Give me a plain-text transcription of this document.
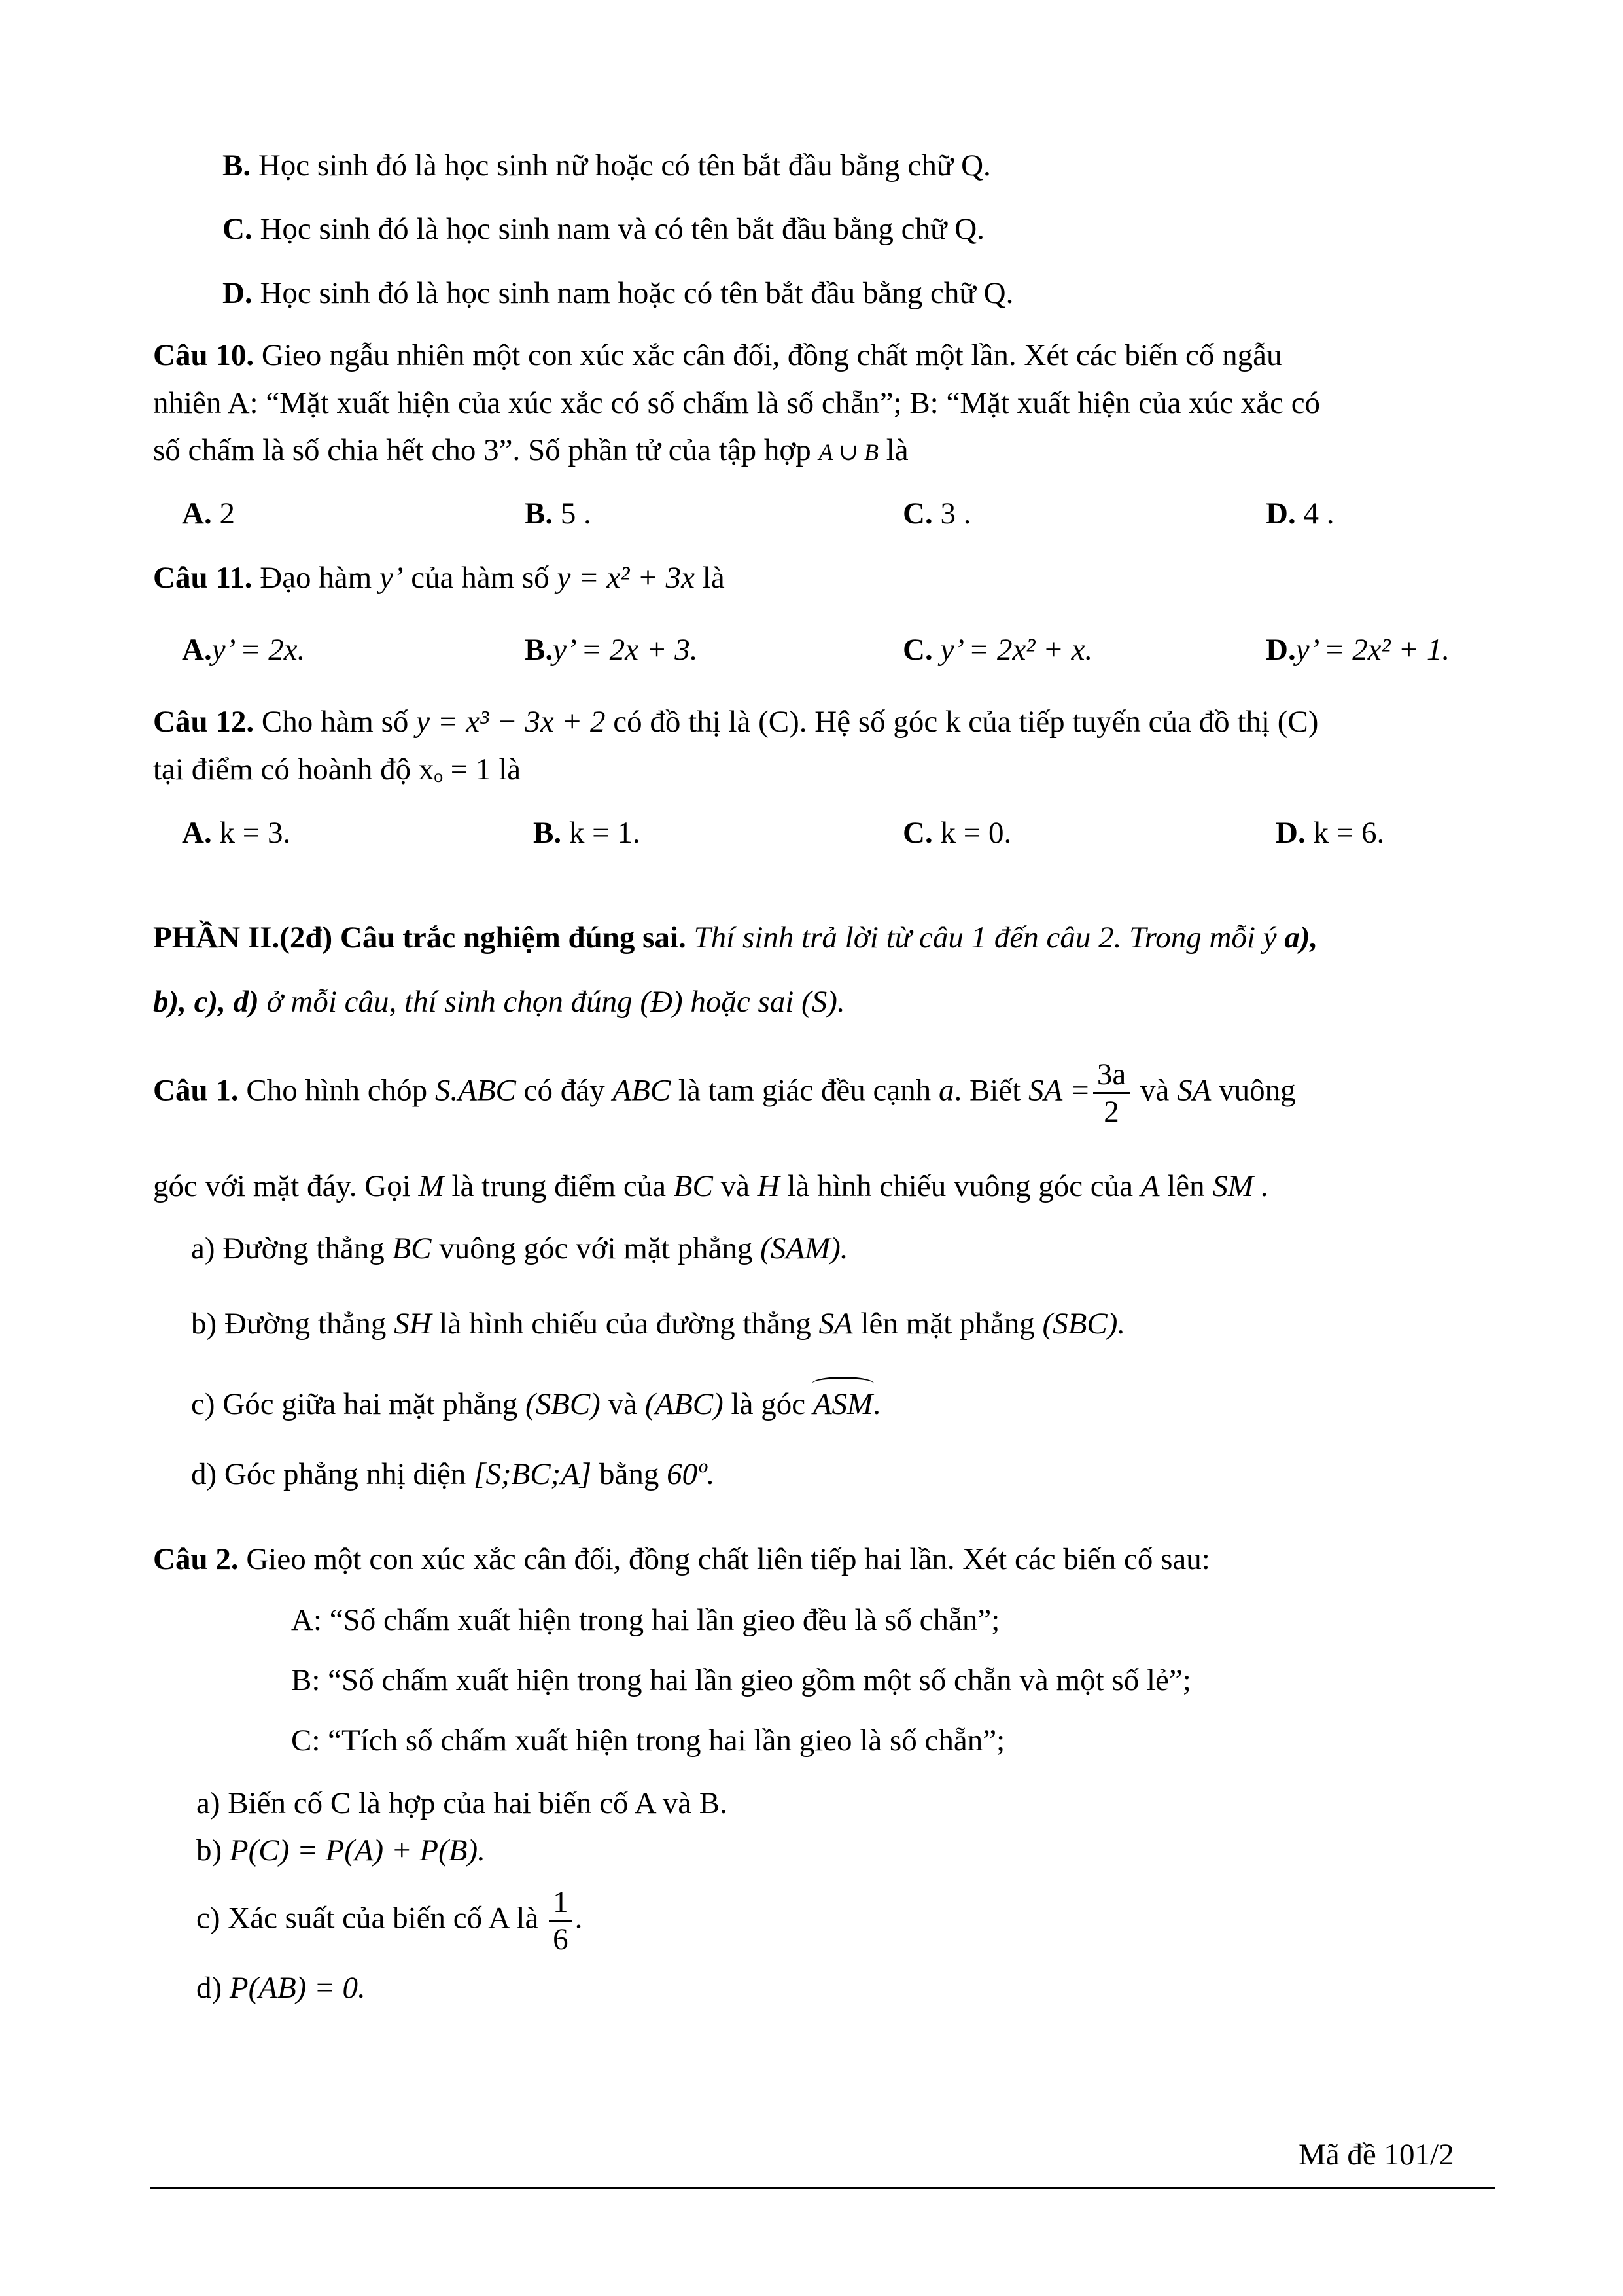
B. Học sinh đó là học sinh nữ hoặc có tên bắt đầu bằng chữ Q.
C. Học sinh đó là học sinh nam và có tên bắt đầu bằng chữ Q.
D. Học sinh đó là học sinh nam hoặc có tên bắt đầu bằng chữ Q.
Câu 10. Gieo ngẫu nhiên một con xúc xắc cân đối, đồng chất một lần. Xét các biến cố ngẫu
nhiên A: “Mặt xuất hiện của xúc xắc có số chấm là số chẵn”; B: “Mặt xuất hiện của xúc xắc có
số chấm là số chia hết cho 3”. Số phần tử của tập hợp A ∪ B là
A. 2	B. 5 .	C. 3 .	D. 4 .
Câu 11. Đạo hàm y’ của hàm số y = x² + 3x là
A.y’ = 2x.	B.y’ = 2x + 3.	C. y’ = 2x² + x.	D.y’ = 2x² + 1.
Câu 12. Cho hàm số y = x³ − 3x + 2 có đồ thị là (C). Hệ số góc k của tiếp tuyến của đồ thị (C)
tại điểm có hoành độ xₒ = 1 là
A. k = 3.	B. k = 1.	C. k = 0.	D. k = 6.
PHẦN II.(2đ) Câu trắc nghiệm đúng sai. Thí sinh trả lời từ câu 1 đến câu 2. Trong mỗi ý a),
b), c), d) ở mỗi câu, thí sinh chọn đúng (Đ) hoặc sai (S).
Câu 1. Cho hình chóp S.ABC có đáy ABC là tam giác đều cạnh a. Biết SA = $\frac{3a}{2}$ và SA vuông
góc với mặt đáy. Gọi M là trung điểm của BC và H là hình chiếu vuông góc của A lên SM .
a) Đường thẳng BC vuông góc với mặt phẳng (SAM).
b) Đường thẳng SH là hình chiếu của đường thẳng SA lên mặt phẳng (SBC).
c) Góc giữa hai mặt phẳng (SBC) và (ABC) là góc ASM.
d) Góc phẳng nhị diện [S;BC;A] bằng 60º.
Câu 2. Gieo một con xúc xắc cân đối, đồng chất liên tiếp hai lần. Xét các biến cố sau:
A: “Số chấm xuất hiện trong hai lần gieo đều là số chẵn”;
B: “Số chấm xuất hiện trong hai lần gieo gồm một số chẵn và một số lẻ”;
C: “Tích số chấm xuất hiện trong hai lần gieo là số chẵn”;
a) Biến cố C là hợp của hai biến cố A và B.
b) P(C) = P(A) + P(B).
c) Xác suất của biến cố A là $\frac{1}{6}$ .
d) P(AB) = 0.
Mã đề 101/2
